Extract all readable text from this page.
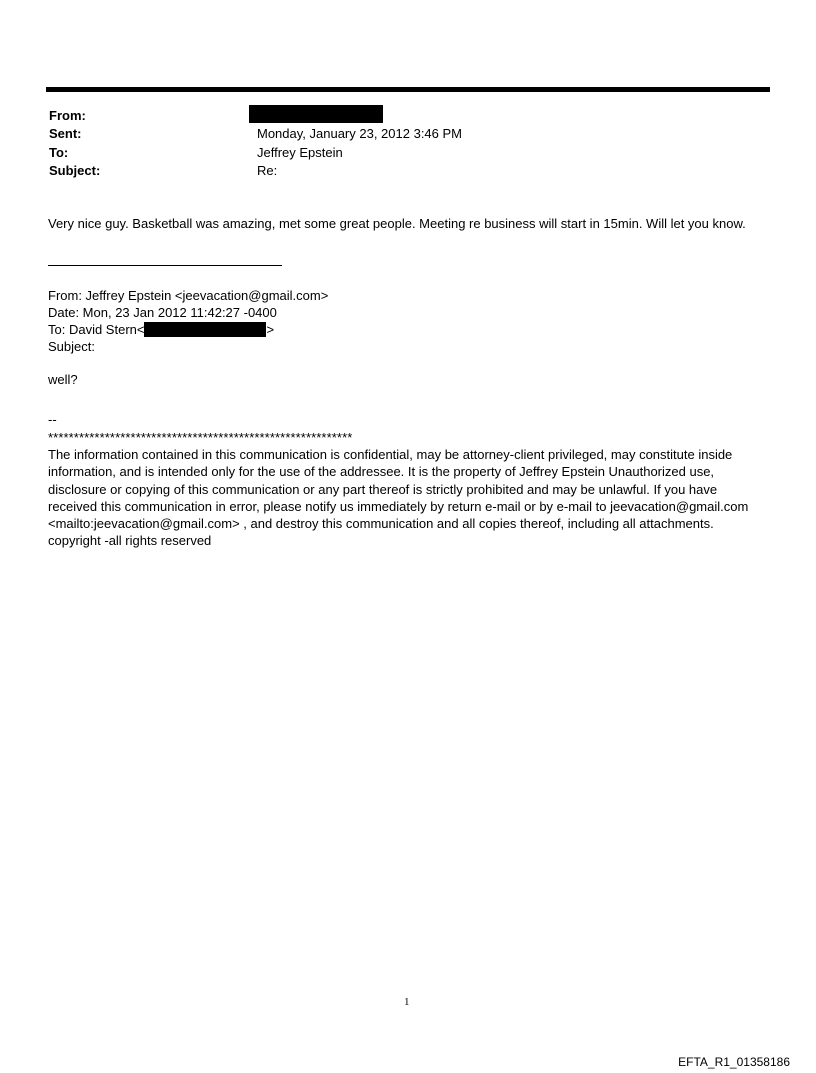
From:
Sent:	Monday, January 23, 2012 3:46 PM
To:	Jeffrey Epstein
Subject:	Re:
Very nice guy. Basketball was amazing, met some great people. Meeting re business will start in 15min. Will let you know.
From: Jeffrey Epstein <jeevacation@gmail.com>
Date: Mon, 23 Jan 2012 11:42:27 -0400
To: David Stern<	>
Subject:
well?
--
***********************************************************
The information contained in this communication is confidential, may be attorney-client privileged, may constitute inside information, and is intended only for the use of the addressee. It is the property of Jeffrey Epstein Unauthorized use, disclosure or copying of this communication or any part thereof is strictly prohibited and may be unlawful. If you have received this communication in error, please notify us immediately by return e-mail or by e-mail to jeevacation@gmail.com <mailto:jeevacation@gmail.com> , and destroy this communication and all copies thereof, including all attachments. copyright -all rights reserved
1
EFTA_R1_01358186
